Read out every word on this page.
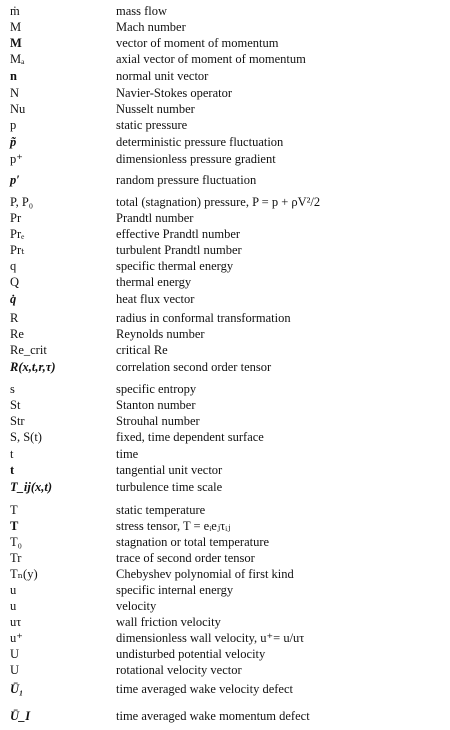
ṁ	mass flow
M	Mach number
M	vector of moment of momentum
Mₐ	axial vector of moment of momentum
n	normal unit vector
N	Navier-Stokes operator
Nu	Nusselt number
p	static pressure
p̃	deterministic pressure fluctuation
p⁺	dimensionless pressure gradient
p′	random pressure fluctuation
P, P₀	total (stagnation) pressure, P = p + ρV²/2
Pr	Prandtl number
Prₑ	effective Prandtl number
Prₜ	turbulent Prandtl number
q	specific thermal energy
Q	thermal energy
q̇	heat flux vector
R	radius in conformal transformation
Re	Reynolds number
Re_crit	critical Re
R(x,t,r,τ)	correlation second order tensor
s	specific entropy
St	Stanton number
Str	Strouhal number
S, S(t)	fixed, time dependent surface
t	time
t	tangential unit vector
T_ij(x,t)	turbulence time scale
T	static temperature
T	stress tensor, T = eᵢeⱼτᵢⱼ
T₀	stagnation or total temperature
Tr	trace of second order tensor
Tₙ(y)	Chebyshev polynomial of first kind
u	specific internal energy
u	velocity
uτ	wall friction velocity
u⁺	dimensionless wall velocity, u⁺= u/uτ
U	undisturbed potential velocity
U	rotational velocity vector
Ū₁	time averaged wake velocity defect
Ū_I	time averaged wake momentum defect
